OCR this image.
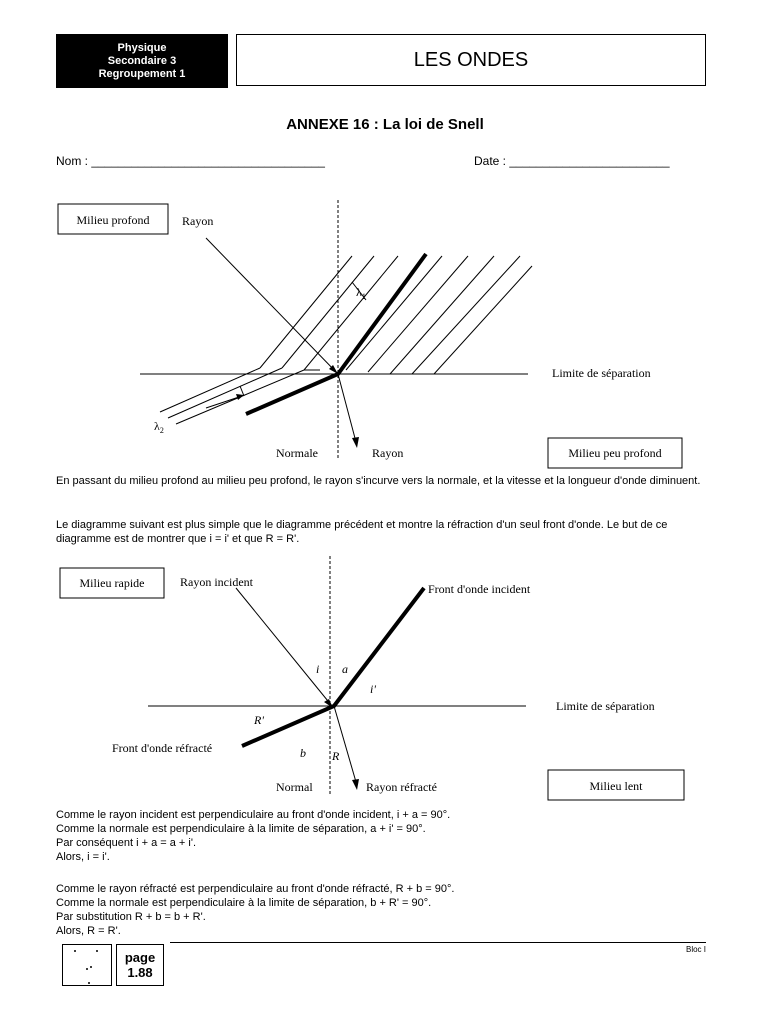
Physique
Secondaire 3
Regroupement 1
LES ONDES
ANNEXE 16 : La loi de Snell
Nom : ___________________________________	Date : ________________________
Milieu profond	Rayon
Limite de séparation
$\lambda_1$
$\lambda_2$
Normale	Rayon	Milieu peu profond
En passant du milieu profond au milieu peu profond, le rayon s'incurve vers la normale, et la vitesse et la longueur d'onde diminuent.
Le diagramme suivant est plus simple que le diagramme précédent et montre la réfraction d'un seul front d'onde. Le but de ce diagramme est de montrer que i = i' et que R = R'.
Milieu rapide	Rayon incident	Front d'onde incident
Limite de séparation
i a
i'
R'
Front d'onde réfracté	b R
Normal	Rayon réfracté	Milieu lent
Comme le rayon incident est perpendiculaire au front d'onde incident, i + a = 90°.
Comme la normale est perpendiculaire à la limite de séparation, a + i' = 90°.
Par conséquent i + a = a + i'.
Alors, i = i'.
Comme le rayon réfracté est perpendiculaire au front d'onde réfracté, R + b = 90°.
Comme la normale est perpendiculaire à la limite de séparation, b + R' = 90°.
Par substitution R + b = b + R'.
Alors, R = R'.
Bloc I
page
1.88
